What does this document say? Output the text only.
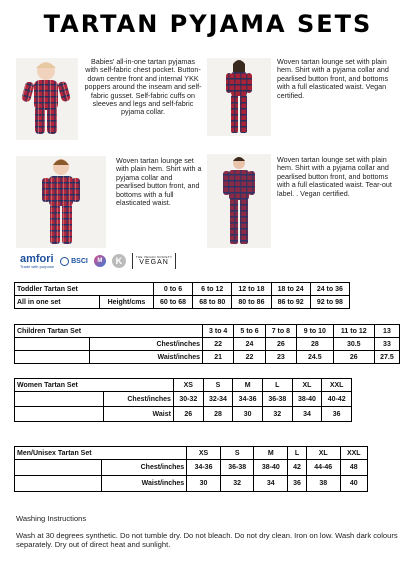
TARTAN PYJAMA SETS
Babies' all-in-one tartan pyjamas with self-fabric chest pocket. Button-down centre front and internal YKK poppers around the inseam and self-fabric gusset. Self-fabric cuffs on sleeves and legs and self-fabric pyjama collar.
Woven tartan lounge set with plain hem. Shirt with a pyjama collar and pearlised button front, and bottoms with a full elasticated waist. Vegan certified.
Woven tartan lounge set with plain hem. Shirt with a pyjama collar and pearlised button front, and bottoms with a full elasticated waist.
Woven tartan lounge set with plain hem. Shirt with a pyjama collar and pearlised button front, and bottoms with a full elasticated waist. Tear-out label. . Vegan certified.
amfori
Trade with purpose
BSCI	M	K	THE VEGAN SOCIETY
VEGAN
Toddler Tartan Set		0 to 6	6 to 12	12 to 18	18 to 24	24 to 36
All in one set	Height/cms	60 to 68	68 to 80	80 to 86	86 to 92	92 to 98
Children Tartan Set		3 to 4	5 to 6	7 to 8	9 to 10	11 to 12	13
	Chest/inches	22	24	26	28	30.5	33
	Waist/inches	21	22	23	24.5	26	27.5
Women Tartan Set		XS	S	M	L	XL	XXL
	Chest/inches	30-32	32-34	34-36	36-38	38-40	40-42
	Waist	26	28	30	32	34	36
Men/Unisex Tartan Set		XS	S	M	L	XL	XXL
	Chest/inches	34-36	36-38	38-40	42	44-46	48
	Waist/inches	30	32	34	36	38	40
Washing Instructions
Wash at 30 degrees synthetic. Do not tumble dry. Do not bleach. Do not dry clean. Iron on low. Wash dark colours separately. Dry out of direct heat and sunlight.
